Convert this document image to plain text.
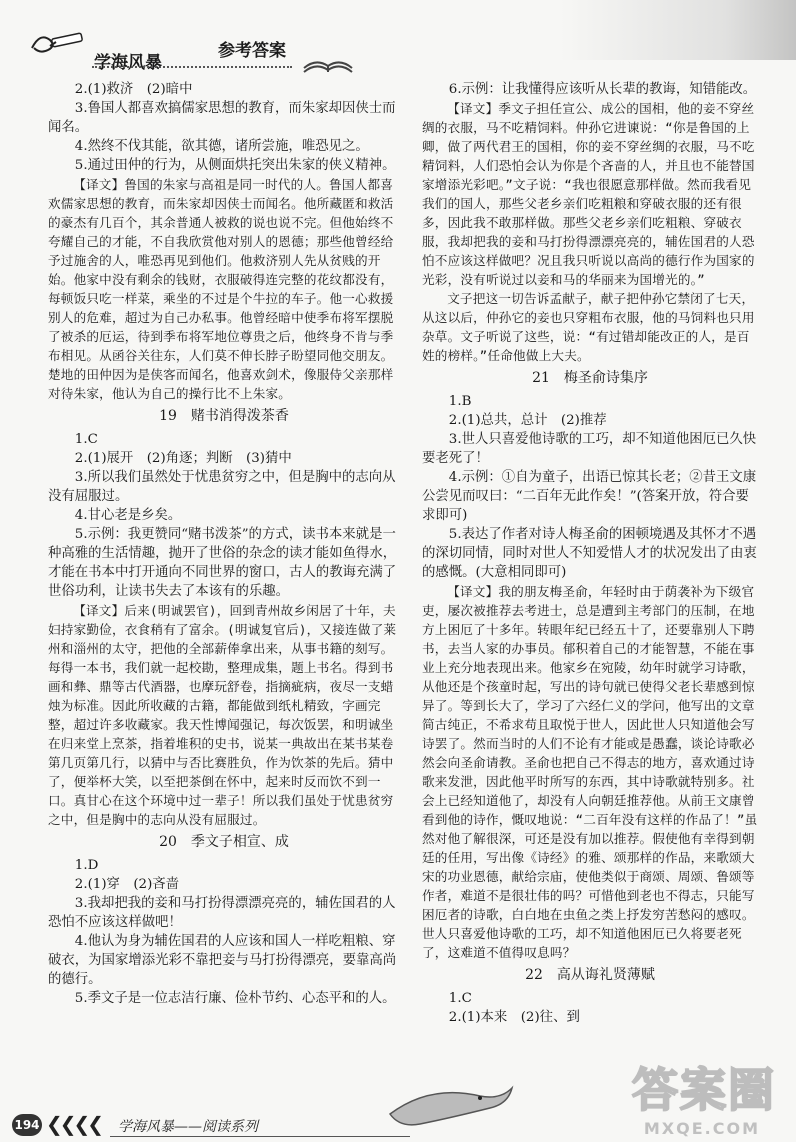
学海风暴
参考答案

2.(1)救济　(2)暗中

3.鲁国人都喜欢搞儒家思想的教育，而朱家却因侠士而闻名。

4.然终不伐其能，欲其德，诸所尝施，唯恐见之。

5.通过田仲的行为，从侧面烘托突出朱家的侠义精神。

【译文】鲁国的朱家与高祖是同一时代的人。鲁国人都喜欢儒家思想的教育，而朱家却因侠士而闻名。他所藏匿和救活的豪杰有几百个，其余普通人被救的说也说不完。但他始终不夸耀自己的才能，不自我欣赏他对别人的恩德；那些他曾经给予过施舍的人，唯恐再见到他们。他救济别人先从贫贱的开始。他家中没有剩余的钱财，衣服破得连完整的花纹都没有，每顿饭只吃一样菜，乘坐的不过是个牛拉的车子。他一心救援别人的危难，超过为自己办私事。他曾经暗中使季布将军摆脱了被杀的厄运，待到季布将军地位尊贵之后，他终身不肯与季布相见。从函谷关往东，人们莫不伸长脖子盼望同他交朋友。楚地的田仲因为是侠客而闻名，他喜欢剑术，像服侍父亲那样对待朱家，他认为自己的操行比不上朱家。

19　赌书消得泼茶香

1.C

2.(1)展开　(2)角逐；判断　(3)猜中

3.所以我们虽然处于忧患贫穷之中，但是胸中的志向从没有屈服过。

4.甘心老是乡矣。

5.示例：我更赞同“赌书泼茶”的方式，读书本来就是一种高雅的生活情趣，抛开了世俗的杂念的读才能如鱼得水，才能在书本中打开通向不同世界的窗口，古人的教诲充满了世俗功利，让读书失去了本该有的乐趣。

【译文】后来(明诚罢官)，回到青州故乡闲居了十年，夫妇持家勤俭，衣食稍有了富余。(明诚复官后)，又接连做了莱州和淄州的太守，把他的全部薪俸拿出来，从事书籍的刻写。每得一本书，我们就一起校勘，整理成集，题上书名。得到书画和彝、鼎等古代酒器，也摩玩舒卷，指摘疵病，夜尽一支蜡烛为标准。因此所收藏的古籍，都能做到纸札精致，字画完整，超过许多收藏家。我天性博闻强记，每次饭罢，和明诚坐在归来堂上烹茶，指着堆积的史书，说某一典故出在某书某卷第几页第几行，以猜中与否比赛胜负，作为饮茶的先后。猜中了，便举杯大笑，以至把茶倒在怀中，起来时反而饮不到一口。真甘心在这个环境中过一辈子！所以我们虽处于忧患贫穷之中，但是胸中的志向从没有屈服过。

20　季文子相宣、成

1.D

2.(1)穿　(2)吝啬

3.我却把我的妾和马打扮得漂漂亮亮的，辅佐国君的人恐怕不应该这样做吧！

4.他认为身为辅佐国君的人应该和国人一样吃粗粮、穿破衣，为国家增添光彩不靠把妾与马打扮得漂亮，要靠高尚的德行。

5.季文子是一位志洁行廉、俭朴节约、心态平和的人。

6.示例：让我懂得应该听从长辈的教诲，知错能改。

【译文】季文子担任宣公、成公的国相，他的妾不穿丝绸的衣服，马不吃精饲料。仲孙它进谏说：“你是鲁国的上卿，做了两代君王的国相，你的妾不穿丝绸的衣服，马不吃精饲料，人们恐怕会认为你是个吝啬的人，并且也不能替国家增添光彩吧。”文子说：“我也很愿意那样做。然而我看见我们的国人，那些父老乡亲们吃粗粮和穿破衣服的还有很多，因此我不敢那样做。那些父老乡亲们吃粗粮、穿破衣服，我却把我的妾和马打扮得漂漂亮亮的，辅佐国君的人恐怕不应该这样做吧？况且我只听说以高尚的德行作为国家的光彩，没有听说过以妾和马的华丽来为国增光的。”

文子把这一切告诉孟献子，献子把仲孙它禁闭了七天，从这以后，仲孙它的妾也只穿粗布衣服，他的马饲料也只用杂草。文子听说了这些，说：“有过错却能改正的人，是百姓的榜样。”任命他做上大夫。

21　梅圣俞诗集序

1.B

2.(1)总共，总计　(2)推荐

3.世人只喜爱他诗歌的工巧，却不知道他困厄已久快要老死了！

4.示例：①自为童子，出语已惊其长老；②昔王文康公尝见而叹曰：“二百年无此作矣！”(答案开放，符合要求即可)

5.表达了作者对诗人梅圣俞的困顿境遇及其怀才不遇的深切同情，同时对世人不知爱惜人才的状况发出了由衷的感慨。(大意相同即可)

【译文】我的朋友梅圣俞，年轻时由于荫袭补为下级官吏，屡次被推荐去考进士，总是遭到主考部门的压制，在地方上困厄了十多年。转眼年纪已经五十了，还要靠别人下聘书，去当人家的办事员。郁积着自己的才能智慧，不能在事业上充分地表现出来。他家乡在宛陵，幼年时就学习诗歌，从他还是个孩童时起，写出的诗句就已使得父老长辈感到惊异了。等到长大了，学习了六经仁义的学问，他写出的文章简古纯正，不希求苟且取悦于世人，因此世人只知道他会写诗罢了。然而当时的人们不论有才能或是愚蠢，谈论诗歌必然会向圣俞请教。圣俞也把自己不得志的地方，喜欢通过诗歌来发泄，因此他平时所写的东西，其中诗歌就特别多。社会上已经知道他了，却没有人向朝廷推荐他。从前王文康曾看到他的诗作，慨叹地说：“二百年没有这样的作品了！”虽然对他了解很深，可还是没有加以推荐。假使他有幸得到朝廷的任用，写出像《诗经》的雅、颂那样的作品，来歌颂大宋的功业恩德，献给宗庙，使他类似于商颂、周颂、鲁颂等作者，难道不是很壮伟的吗？可惜他到老也不得志，只能写困厄者的诗歌，白白地在虫鱼之类上抒发穷苦愁闷的感叹。世人只喜爱他诗歌的工巧，却不知道他困厄已久将要老死了，这难道不值得叹息吗？

22　高从诲礼贤薄赋

1.C

2.(1)本来　(2)往、到

194 ❮❮❮❮ 学海风暴——阅读系列
答案圈
MXQE.COM
